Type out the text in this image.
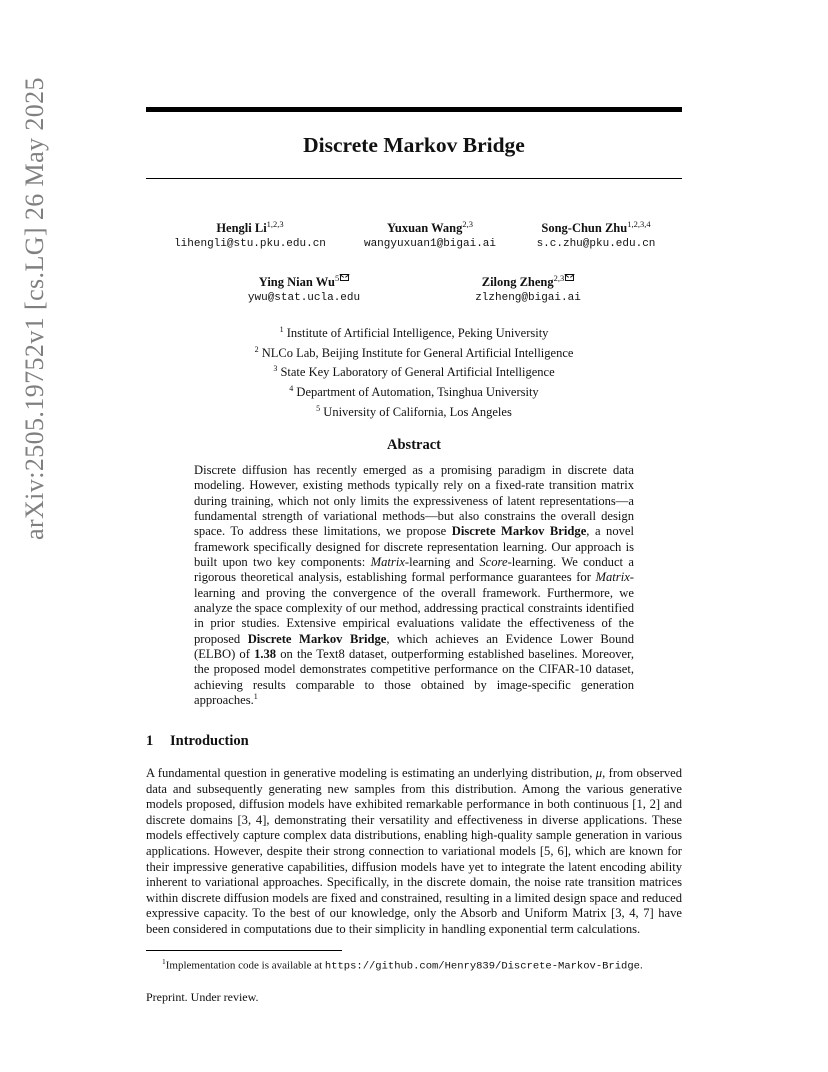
arXiv:2505.19752v1 [cs.LG] 26 May 2025	Discrete Markov Bridge
Hengli Li$^{1,2,3}$
lihengli@stu.pku.edu.cn
Yuxuan Wang$^{2,3}$
wangyuxuan1@bigai.ai
Song-Chun Zhu$^{1,2,3,4}$
s.c.zhu@pku.edu.cn
Ying Nian Wu$^5$
ywu@stat.ucla.edu
Zilong Zheng$^{2,3}$
zlzheng@bigai.ai
$^1$ Institute of Artificial Intelligence, Peking University
$^2$ NLCo Lab, Beijing Institute for General Artificial Intelligence
$^3$ State Key Laboratory of General Artificial Intelligence
$^4$ Department of Automation, Tsinghua University
$^5$ University of California, Los Angeles
Abstract
Discrete diffusion has recently emerged as a promising paradigm in discrete data modeling. However, existing methods typically rely on a fixed-rate transition matrix during training, which not only limits the expressiveness of latent representations—a fundamental strength of variational methods—but also constrains the overall design space. To address these limitations, we propose Discrete Markov Bridge, a novel framework specifically designed for discrete representation learning. Our approach is built upon two key components: Matrix-learning and Score-learning. We conduct a rigorous theoretical analysis, establishing formal performance guarantees for Matrix-learning and proving the convergence of the overall framework. Furthermore, we analyze the space complexity of our method, addressing practical constraints identified in prior studies. Extensive empirical evaluations validate the effectiveness of the proposed Discrete Markov Bridge, which achieves an Evidence Lower Bound (ELBO) of 1.38 on the Text8 dataset, outperforming established baselines. Moreover, the proposed model demonstrates competitive performance on the CIFAR-10 dataset, achieving results comparable to those obtained by image-specific generation approaches.$^1$
1 Introduction
A fundamental question in generative modeling is estimating an underlying distribution, μ, from observed data and subsequently generating new samples from this distribution. Among the various generative models proposed, diffusion models have exhibited remarkable performance in both continuous [1, 2] and discrete domains [3, 4], demonstrating their versatility and effectiveness in diverse applications. These models effectively capture complex data distributions, enabling high-quality sample generation in various applications. However, despite their strong connection to variational models [5, 6], which are known for their impressive generative capabilities, diffusion models have yet to integrate the latent encoding ability inherent to variational approaches. Specifically, in the discrete domain, the noise rate transition matrices within discrete diffusion models are fixed and constrained, resulting in a limited design space and reduced expressive capacity. To the best of our knowledge, only the Absorb and Uniform Matrix [3, 4, 7] have been considered in computations due to their simplicity in handling exponential term calculations.
$^1$Implementation code is available at https://github.com/Henry839/Discrete-Markov-Bridge.
Preprint. Under review.
